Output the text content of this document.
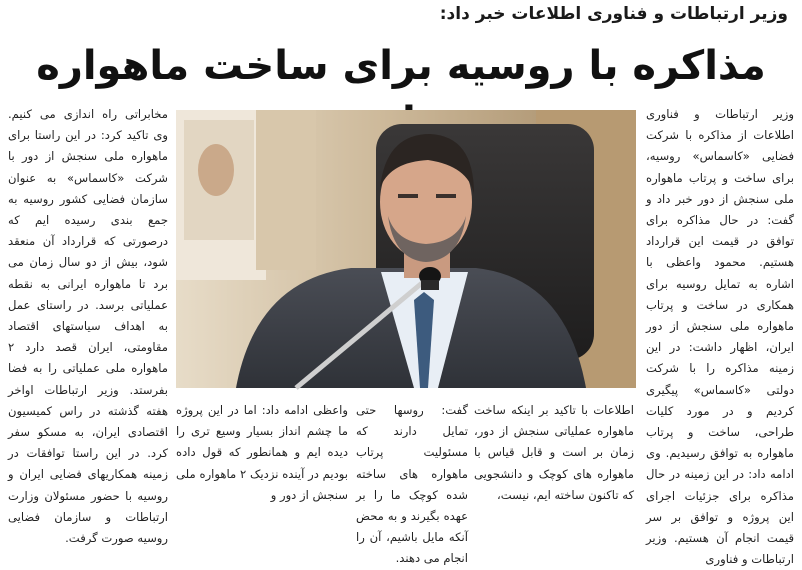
وزیر ارتباطات و فناوری اطلاعات خبر داد:
مذاکره با روسیه برای ساخت ماهواره

وزیر ارتباطات و فناوری اطلاعات از مذاکره با شرکت فضایی «کاسماس» روسیه، برای ساخت و پرتاب ماهواره ملی سنجش از دور خبر داد و گفت: در حال مذاکره برای توافق در قیمت این قرارداد هستیم. محمود واعظی با اشاره به تمایل روسیه برای همکاری در ساخت و پرتاب ماهواره ملی سنجش از دور ایران، اظهار داشت: در این زمینه مذاکره را با شرکت دولتی «کاسماس» پیگیری کردیم و در مورد کلیات طراحی، ساخت و پرتاب ماهواره به توافق رسیدیم. وی ادامه داد: در این زمینه در حال مذاکره برای جزئیات اجرای این پروژه و توافق بر سر قیمت انجام آن هستیم. وزیر ارتباطات و فناوری

اطلاعات با تاکید بر اینکه ساخت ماهواره عملیاتی سنجش از دور، زمان بر است و قابل قیاس با ماهواره های کوچک و دانشجویی که تاکنون ساخته ایم، نیست،

گفت: روسها حتی تمایل دارند که مسئولیت پرتاب ماهواره های ساخته شده کوچک ما را بر عهده بگیرند و به محض آنکه مایل باشیم، آن را انجام می دهند.

واعظی ادامه داد: اما در این پروژه ما چشم انداز بسیار وسیع تری را دیده ایم و همانطور که قول داده بودیم در آینده نزدیک ۲ ماهواره ملی سنجش از دور و

مخابراتی راه اندازی می کنیم. وی تاکید کرد: در این راستا برای ماهواره ملی سنجش از دور با شرکت «کاسماس» به عنوان سازمان فضایی کشور روسیه به جمع بندی رسیده ایم که درصورتی که قرارداد آن منعقد شود، بیش از دو سال زمان می برد تا ماهواره ایرانی به نقطه عملیاتی برسد. در راستای عمل به اهداف سیاستهای اقتصاد مقاومتی، ایران قصد دارد ۲ ماهواره ملی عملیاتی را به فضا بفرستد. وزیر ارتباطات اواخر هفته گذشته در راس کمیسیون اقتصادی ایران، به مسکو سفر کرد. در این راستا توافقات در زمینه همکاریهای فضایی ایران و روسیه با حضور مسئولان وزارت ارتباطات و سازمان فضایی روسیه صورت گرفت.
